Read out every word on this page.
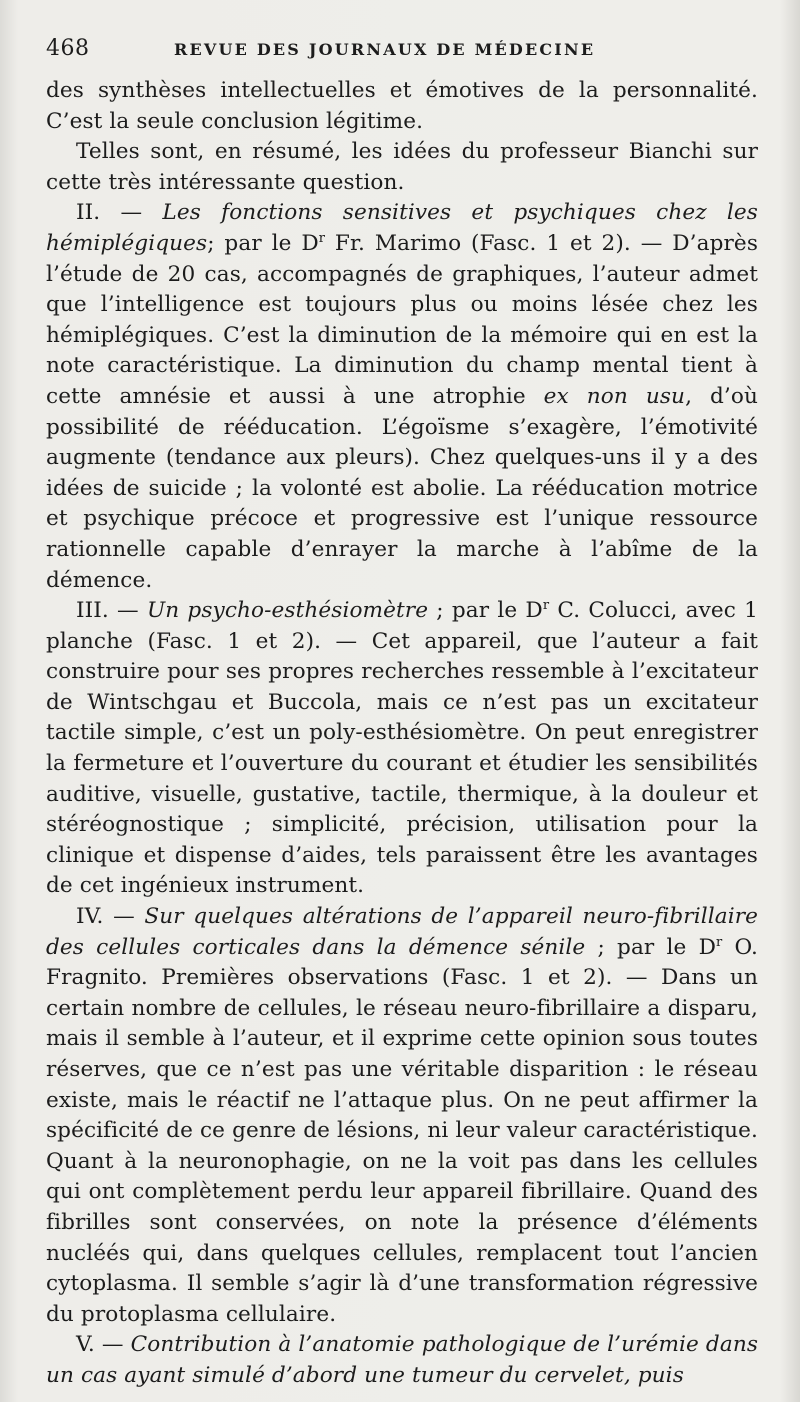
468	REVUE DES JOURNAUX DE MÉDECINE

des synthèses intellectuelles et émotives de la personnalité. C’est la seule conclusion légitime.

Telles sont, en résumé, les idées du professeur Bianchi sur cette très intéressante question.

II. — Les fonctions sensitives et psychiques chez les hémiplégiques; par le $D^r$ Fr. Marimo (Fasc. 1 et 2). — D’après l’étude de 20 cas, accompagnés de graphiques, l’auteur admet que l’intelligence est toujours plus ou moins lésée chez les hémiplégiques. C’est la diminution de la mémoire qui en est la note caractéristique. La diminution du champ mental tient à cette amnésie et aussi à une atrophie ex non usu, d’où possibilité de rééducation. L’égoïsme s’exagère, l’émotivité augmente (tendance aux pleurs). Chez quelques-uns il y a des idées de suicide ; la volonté est abolie. La rééducation motrice et psychique précoce et progressive est l’unique ressource rationnelle capable d’enrayer la marche à l’abîme de la démence.

III. — Un psycho-esthésiomètre ; par le $D^r$ C. Colucci, avec 1 planche (Fasc. 1 et 2). — Cet appareil, que l’auteur a fait construire pour ses propres recherches ressemble à l’excitateur de Wintschgau et Buccola, mais ce n’est pas un excitateur tactile simple, c’est un poly-esthésiomètre. On peut enregistrer la fermeture et l’ouverture du courant et étudier les sensibilités auditive, visuelle, gustative, tactile, thermique, à la douleur et stéréognostique ; simplicité, précision, utilisation pour la clinique et dispense d’aides, tels paraissent être les avantages de cet ingénieux instrument.

IV. — Sur quelques altérations de l’appareil neuro-fibrillaire des cellules corticales dans la démence sénile ; par le $D^r$ O. Fragnito. Premières observations (Fasc. 1 et 2). — Dans un certain nombre de cellules, le réseau neuro-fibrillaire a disparu, mais il semble à l’auteur, et il exprime cette opinion sous toutes réserves, que ce n’est pas une véritable disparition : le réseau existe, mais le réactif ne l’attaque plus. On ne peut affirmer la spécificité de ce genre de lésions, ni leur valeur caractéristique. Quant à la neuronophagie, on ne la voit pas dans les cellules qui ont complètement perdu leur appareil fibrillaire. Quand des fibrilles sont conservées, on note la présence d’éléments nucléés qui, dans quelques cellules, remplacent tout l’ancien cytoplasma. Il semble s’agir là d’une transformation régressive du protoplasma cellulaire.

V. — Contribution à l’anatomie pathologique de l’urémie dans un cas ayant simulé d’abord une tumeur du cervelet, puis
